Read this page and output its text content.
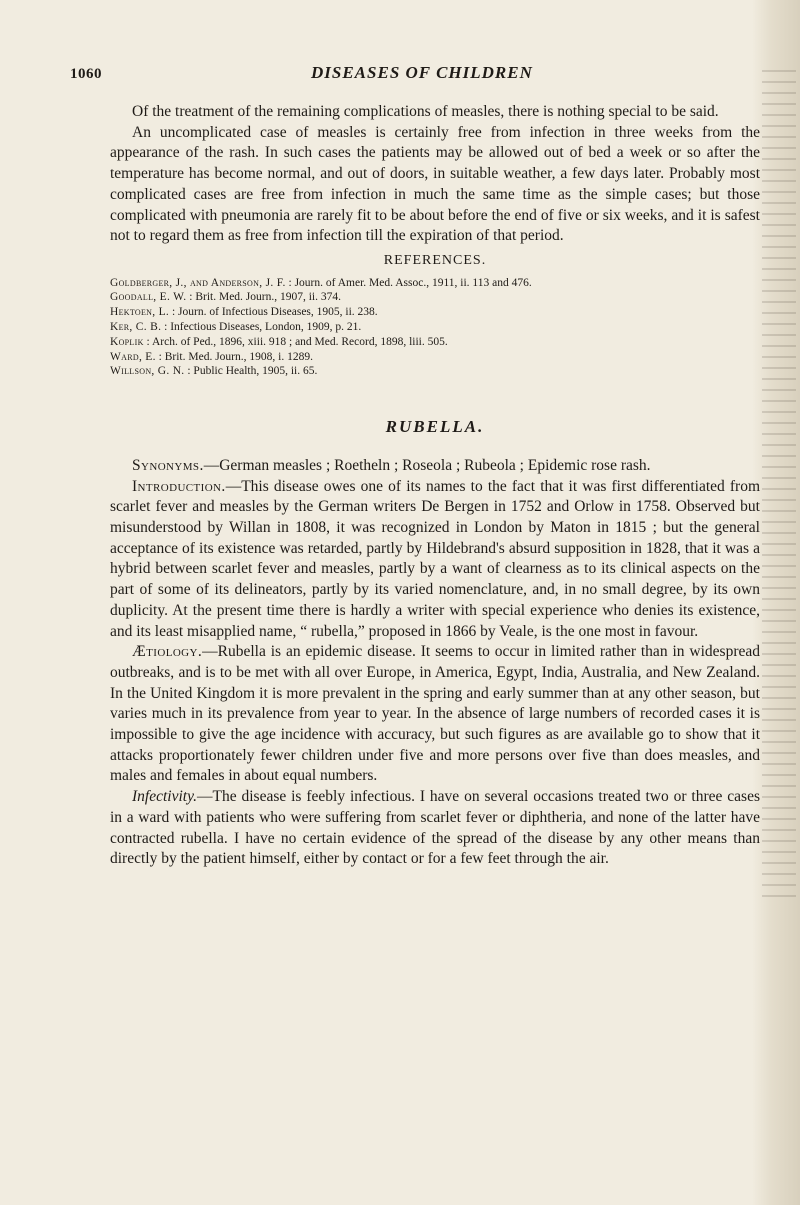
1060	DISEASES OF CHILDREN

Of the treatment of the remaining complications of measles, there is nothing special to be said.

An uncomplicated case of measles is certainly free from infection in three weeks from the appearance of the rash. In such cases the patients may be allowed out of bed a week or so after the temperature has become normal, and out of doors, in suitable weather, a few days later. Probably most complicated cases are free from infection in much the same time as the simple cases; but those complicated with pneumonia are rarely fit to be about before the end of five or six weeks, and it is safest not to regard them as free from infection till the expiration of that period.

REFERENCES.

Goldberger, J., and Anderson, J. F. : Journ. of Amer. Med. Assoc., 1911, ii. 113 and 476.

Goodall, E. W. : Brit. Med. Journ., 1907, ii. 374.

Hektoen, L. : Journ. of Infectious Diseases, 1905, ii. 238.

Ker, C. B. : Infectious Diseases, London, 1909, p. 21.

Koplik : Arch. of Ped., 1896, xiii. 918 ; and Med. Record, 1898, liii. 505.

Ward, E. : Brit. Med. Journ., 1908, i. 1289.

Willson, G. N. : Public Health, 1905, ii. 65.

RUBELLA.

Synonyms.—German measles ; Roetheln ; Roseola ; Rubeola ; Epidemic rose rash.

Introduction.—This disease owes one of its names to the fact that it was first differentiated from scarlet fever and measles by the German writers De Bergen in 1752 and Orlow in 1758. Observed but misunderstood by Willan in 1808, it was recognized in London by Maton in 1815 ; but the general acceptance of its existence was retarded, partly by Hildebrand's absurd supposition in 1828, that it was a hybrid between scarlet fever and measles, partly by a want of clearness as to its clinical aspects on the part of some of its delineators, partly by its varied nomenclature, and, in no small degree, by its own duplicity. At the present time there is hardly a writer with special experience who denies its existence, and its least misapplied name, “ rubella,” proposed in 1866 by Veale, is the one most in favour.

Ætiology.—Rubella is an epidemic disease. It seems to occur in limited rather than in widespread outbreaks, and is to be met with all over Europe, in America, Egypt, India, Australia, and New Zealand. In the United Kingdom it is more prevalent in the spring and early summer than at any other season, but varies much in its prevalence from year to year. In the absence of large numbers of recorded cases it is impossible to give the age incidence with accuracy, but such figures as are available go to show that it attacks proportionately fewer children under five and more persons over five than does measles, and males and females in about equal numbers.

Infectivity.—The disease is feebly infectious. I have on several occasions treated two or three cases in a ward with patients who were suffering from scarlet fever or diphtheria, and none of the latter have contracted rubella. I have no certain evidence of the spread of the disease by any other means than directly by the patient himself, either by contact or for a few feet through the air.
